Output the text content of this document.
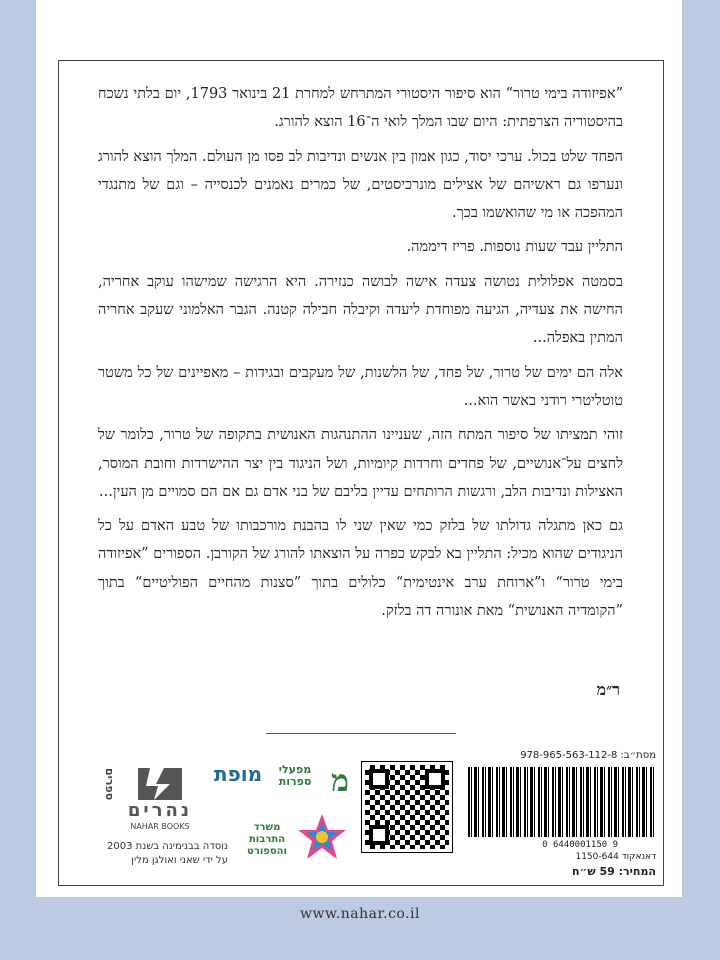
”אפיזודה בימי טרור“ הוא סיפור היסטורי המתרחש למחרת 21 בינואר 1793, יום בלתי נשכח בהיסטוריה הצרפתית: היום שבו המלך לואי ה־16 הוצא להורג.

הפחד שלט בכול. ערכי יסוד, כגון אמון בין אנשים ונדיבות לב פסו מן העולם. המלך הוצא להורג ונערפו גם ראשיהם של אצילים מונרכיסטים, של כמרים נאמנים לכנסייה – וגם של מתנגדי המהפכה או מי שהואשמו בכך.

התליין עבד שעות נוספות. פריז דיממה.

בסמטה אפלולית נטושה צעדה אישה לבושה כנזירה. היא הרגישה שמישהו עוקב אחריה, החישה את צעדיה, הגיעה מפוחדת ליעדה וקיבלה חבילה קטנה. הגבר האלמוני שעקב אחריה המתין באפלה...

אלה הם ימים של טרור, של פחד, של הלשנות, של מעקבים ובגידות – מאפיינים של כל משטר טוטליטרי רודני באשר הוא...

זוהי תמציתו של סיפור המתח הזה, שעניינו ההתנהגות האנושית בתקופה של טרור, כלומר של לחצים על־אנושיים, של פחדים וחרדות קיומיות, ושל הניגוד בין יצר ההישרדות וחובת המוסר, האצילות ונדיבות הלב, ורגשות הרותחים עדיין בליבם של בני אדם גם אם הם סמויים מן העין...

גם כאן מתגלה גדולתו של בלזק כמי שאין שני לו בהבנת מורכבותו של טבע האדם על כל הניגודים שהוא מכיל: התליין בא לבקש כפרה על הוצאתו להורג של הקורבן. הספורים ”אפיזודה בימי טרור“ ו”ארוחת ערב אינטימית“ כלולים בתוך ”סצנות מהחיים הפוליטיים“ בתוך ”הקומדיה האנושית“ מאת אונורה דה בלזק.

ר״מ
מסת״ב: 978-965-563-112-8
0 6440001150 9
דאנאקוד 1150-644
המחיר: 59 ש״ח
מ
מפעלי ספרות
מופת
משרד התרבות והספורט
ספרים
נהרים
NAHAR BOOKS
נוסדה בבנימינה בשנת 2003
על ידי שאני ואולגן מלין
www.nahar.co.il
